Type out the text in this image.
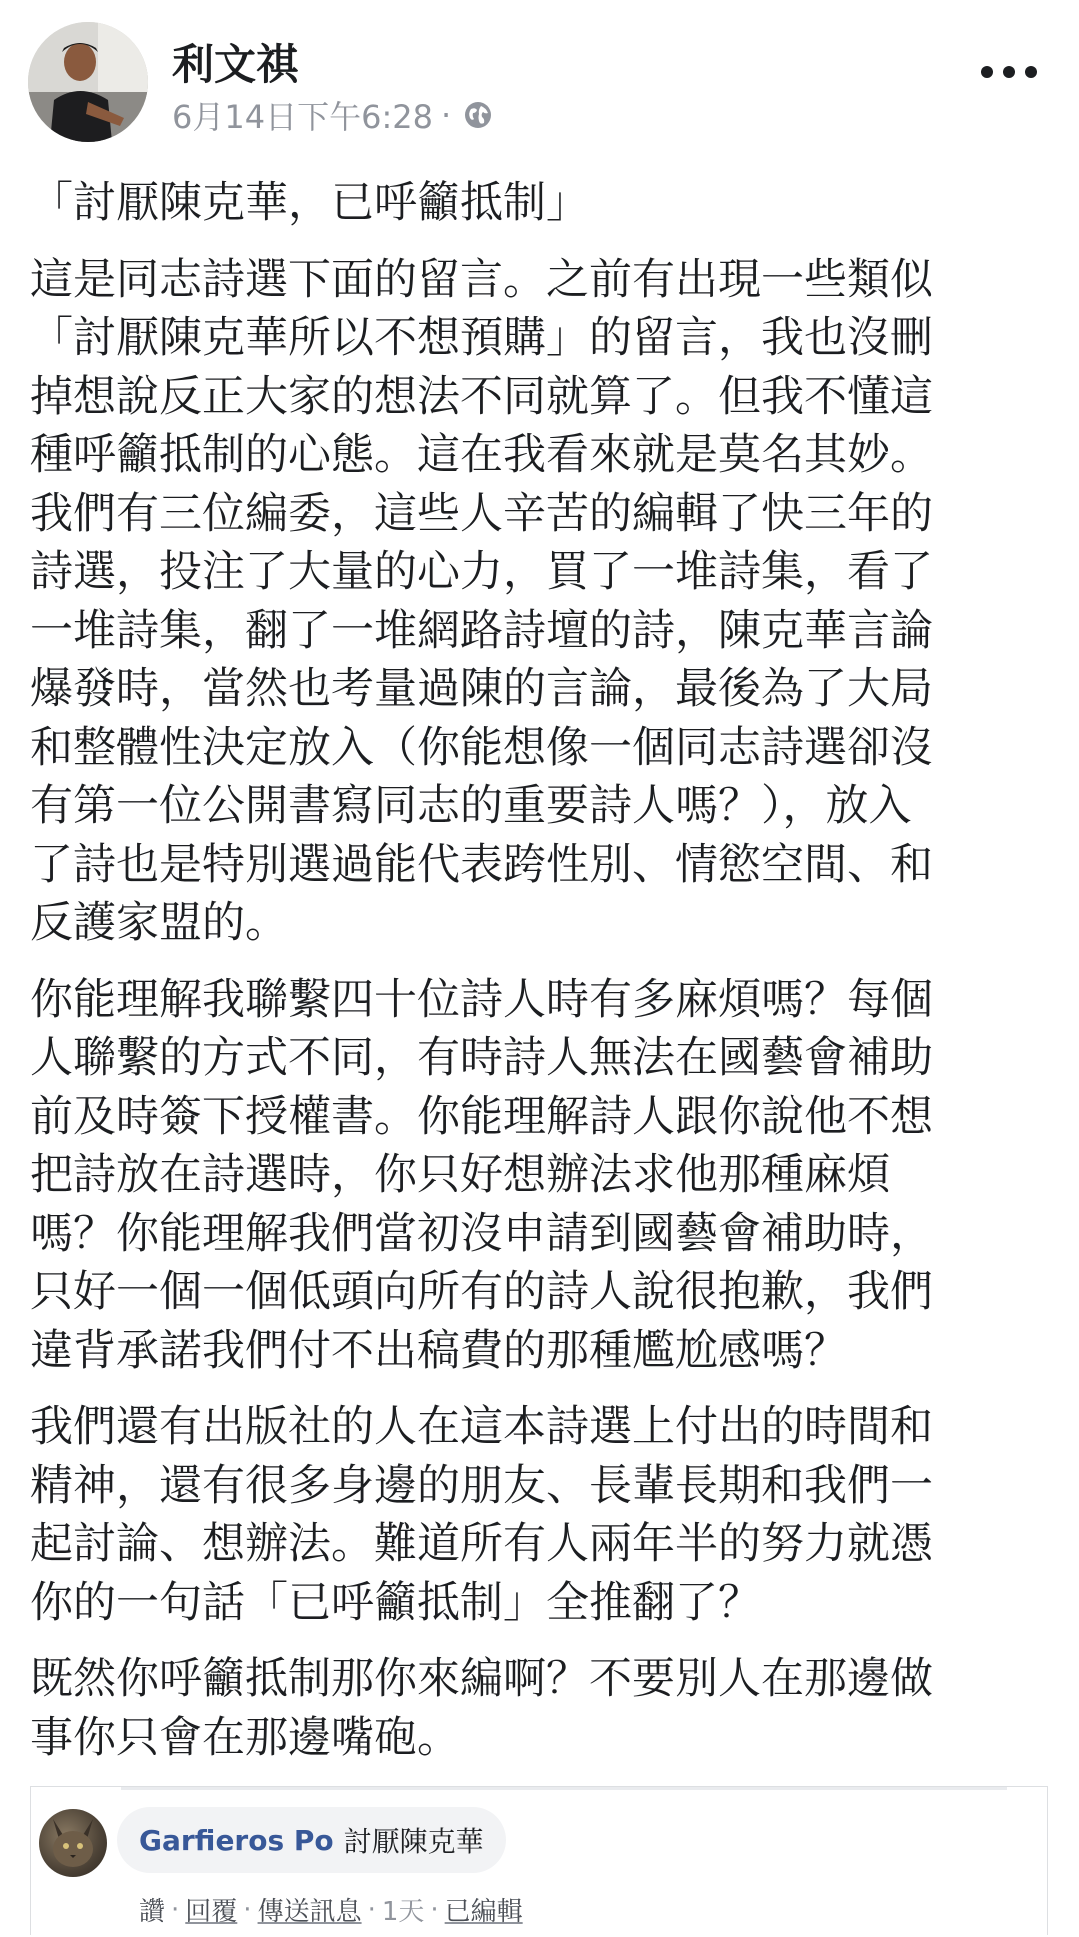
利文祺
6月14日下午6:28 ·

「討厭陳克華，已呼籲抵制」

這是同志詩選下面的留言。之前有出現一些類似
「討厭陳克華所以不想預購」的留言，我也沒刪
掉想說反正大家的想法不同就算了。但我不懂這
種呼籲抵制的心態。這在我看來就是莫名其妙。
我們有三位編委，這些人辛苦的編輯了快三年的
詩選，投注了大量的心力，買了一堆詩集，看了
一堆詩集，翻了一堆網路詩壇的詩，陳克華言論
爆發時，當然也考量過陳的言論，最後為了大局
和整體性決定放入（你能想像一個同志詩選卻沒
有第一位公開書寫同志的重要詩人嗎？），放入
了詩也是特別選過能代表跨性別、情慾空間、和
反護家盟的。

你能理解我聯繫四十位詩人時有多麻煩嗎？每個
人聯繫的方式不同，有時詩人無法在國藝會補助
前及時簽下授權書。你能理解詩人跟你說他不想
把詩放在詩選時，你只好想辦法求他那種麻煩
嗎？你能理解我們當初沒申請到國藝會補助時，
只好一個一個低頭向所有的詩人說很抱歉，我們
違背承諾我們付不出稿費的那種尷尬感嗎？

我們還有出版社的人在這本詩選上付出的時間和
精神，還有很多身邊的朋友、長輩長期和我們一
起討論、想辦法。難道所有人兩年半的努力就憑
你的一句話「已呼籲抵制」全推翻了？

既然你呼籲抵制那你來編啊？不要別人在那邊做
事你只會在那邊嘴砲。

Garfieros Po 討厭陳克華
讚 · 回覆 · 傳送訊息 · 1天 · 已編輯
